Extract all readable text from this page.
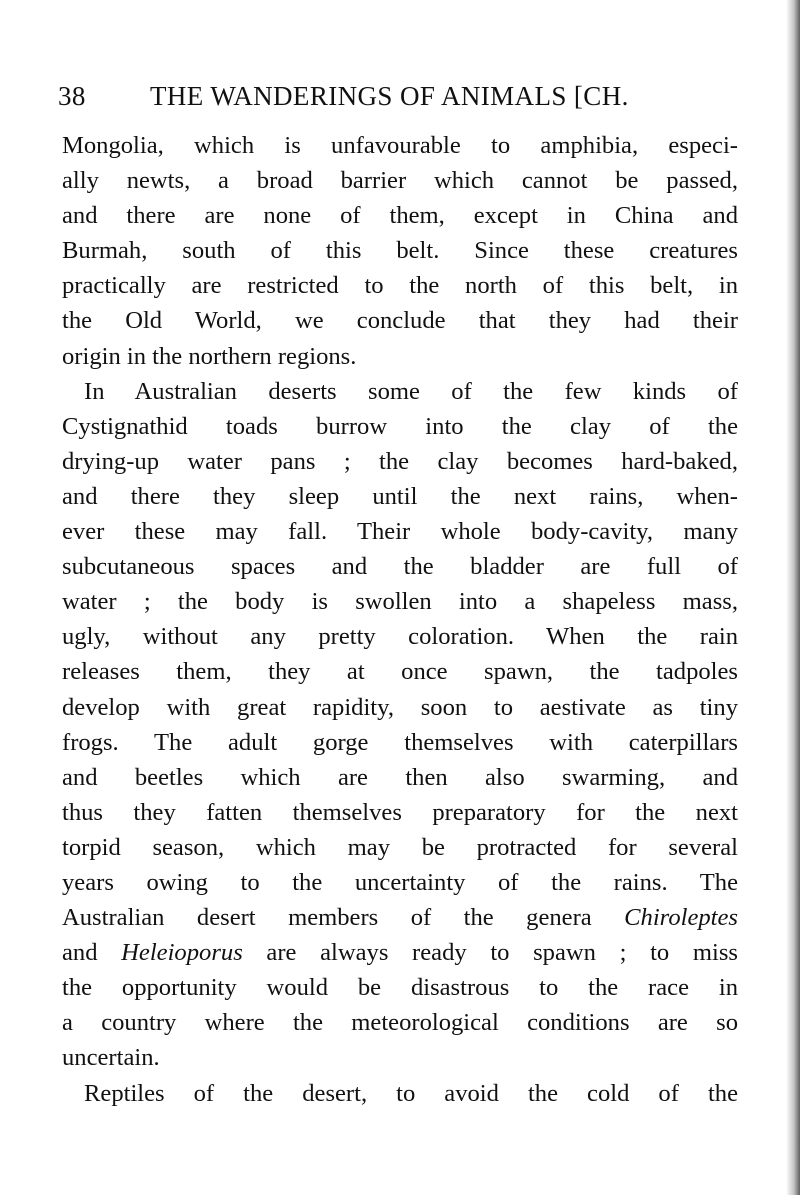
38 THE WANDERINGS OF ANIMALS [CH.
Mongolia, which is unfavourable to amphibia, especi-
ally newts, a broad barrier which cannot be passed,
and there are none of them, except in China and
Burmah, south of this belt. Since these creatures
practically are restricted to the north of this belt, in
the Old World, we conclude that they had their
origin in the northern regions.
In Australian deserts some of the few kinds of
Cystignathid toads burrow into the clay of the
drying-up water pans ; the clay becomes hard-baked,
and there they sleep until the next rains, when-
ever these may fall. Their whole body-cavity, many
subcutaneous spaces and the bladder are full of
water ; the body is swollen into a shapeless mass,
ugly, without any pretty coloration. When the rain
releases them, they at once spawn, the tadpoles
develop with great rapidity, soon to aestivate as tiny
frogs. The adult gorge themselves with caterpillars
and beetles which are then also swarming, and
thus they fatten themselves preparatory for the next
torpid season, which may be protracted for several
years owing to the uncertainty of the rains. The
Australian desert members of the genera Chiroleptes
and Heleioporus are always ready to spawn ; to miss
the opportunity would be disastrous to the race in
a country where the meteorological conditions are so
uncertain.
Reptiles of the desert, to avoid the cold of the
